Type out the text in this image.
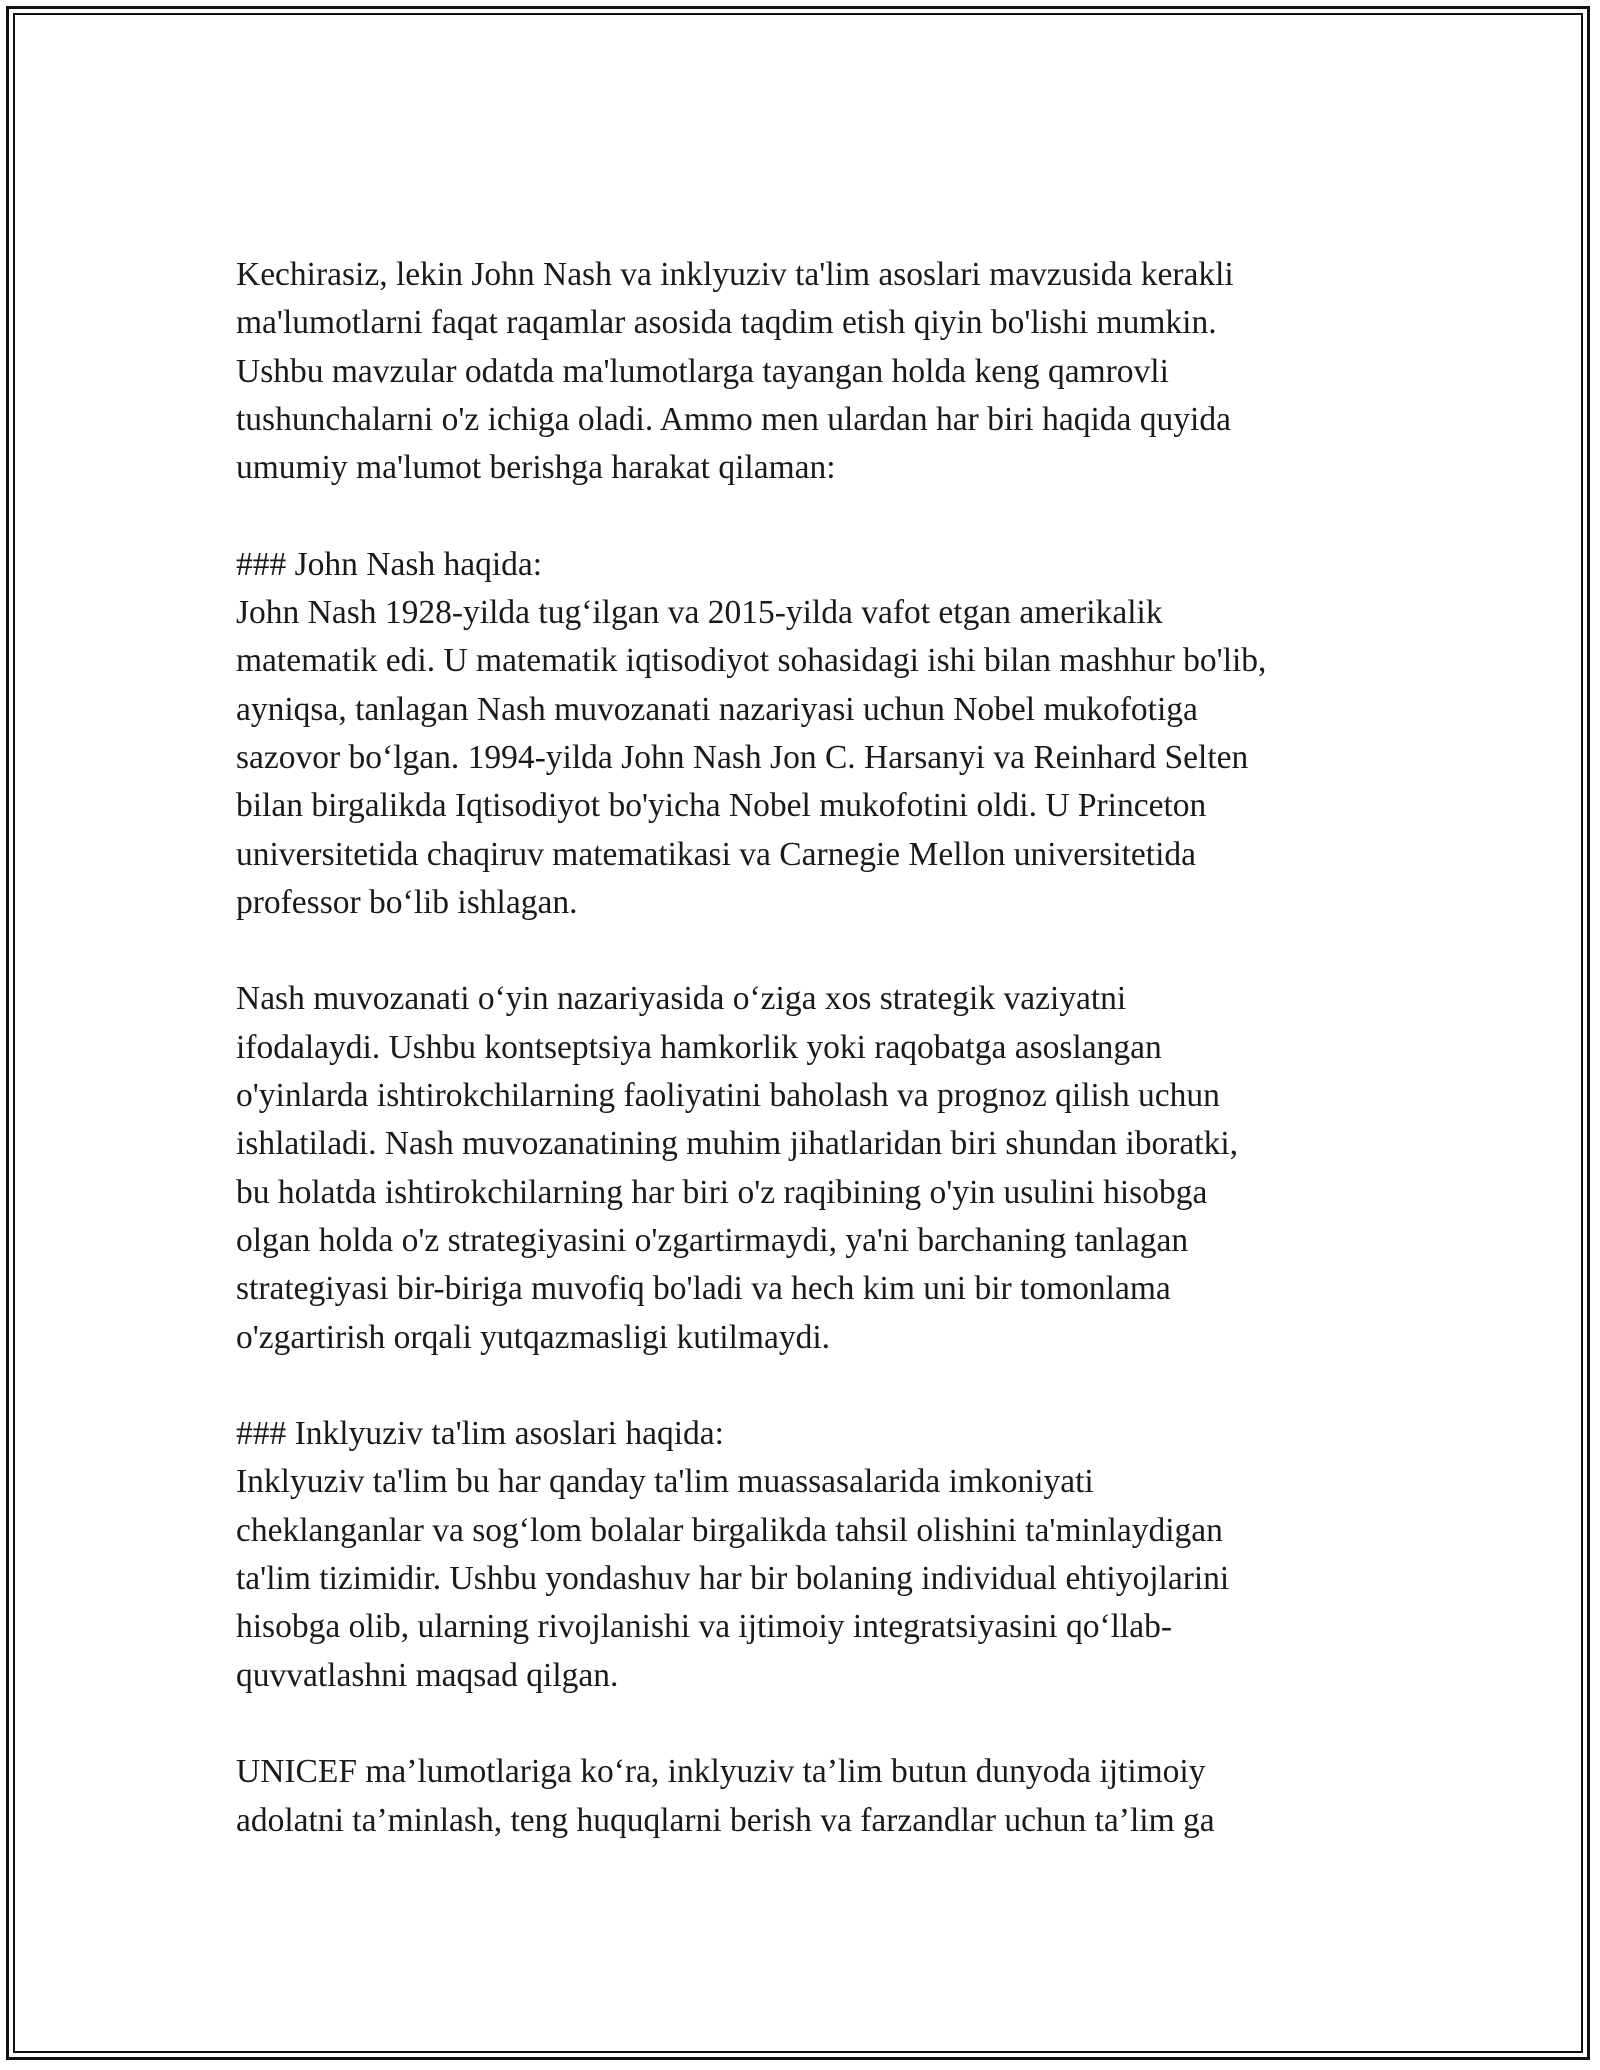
Kechirasiz, lekin John Nash va inklyuziv ta'lim asoslari mavzusida kerakli
ma'lumotlarni faqat raqamlar asosida taqdim etish qiyin bo'lishi mumkin.
Ushbu mavzular odatda ma'lumotlarga tayangan holda keng qamrovli
tushunchalarni o'z ichiga oladi. Ammo men ulardan har biri haqida quyida
umumiy ma'lumot berishga harakat qilaman:
### John Nash haqida:
John Nash 1928-yilda tug‘ilgan va 2015-yilda vafot etgan amerikalik
matematik edi. U matematik iqtisodiyot sohasidagi ishi bilan mashhur bo'lib,
ayniqsa, tanlagan Nash muvozanati nazariyasi uchun Nobel mukofotiga
sazovor bo‘lgan. 1994-yilda John Nash Jon C. Harsanyi va Reinhard Selten
bilan birgalikda Iqtisodiyot bo'yicha Nobel mukofotini oldi. U Princeton
universitetida chaqiruv matematikasi va Carnegie Mellon universitetida
professor bo‘lib ishlagan.
Nash muvozanati o‘yin nazariyasida o‘ziga xos strategik vaziyatni
ifodalaydi. Ushbu kontseptsiya hamkorlik yoki raqobatga asoslangan
o'yinlarda ishtirokchilarning faoliyatini baholash va prognoz qilish uchun
ishlatiladi. Nash muvozanatining muhim jihatlaridan biri shundan iboratki,
bu holatda ishtirokchilarning har biri o'z raqibining o'yin usulini hisobga
olgan holda o'z strategiyasini o'zgartirmaydi, ya'ni barchaning tanlagan
strategiyasi bir-biriga muvofiq bo'ladi va hech kim uni bir tomonlama
o'zgartirish orqali yutqazmasligi kutilmaydi.
### Inklyuziv ta'lim asoslari haqida:
Inklyuziv ta'lim bu har qanday ta'lim muassasalarida imkoniyati
cheklanganlar va sog‘lom bolalar birgalikda tahsil olishini ta'minlaydigan
ta'lim tizimidir. Ushbu yondashuv har bir bolaning individual ehtiyojlarini
hisobga olib, ularning rivojlanishi va ijtimoiy integratsiyasini qo‘llab-
quvvatlashni maqsad qilgan.
UNICEF ma’lumotlariga ko‘ra, inklyuziv ta’lim butun dunyoda ijtimoiy
adolatni ta’minlash, teng huquqlarni berish va farzandlar uchun ta’lim ga
